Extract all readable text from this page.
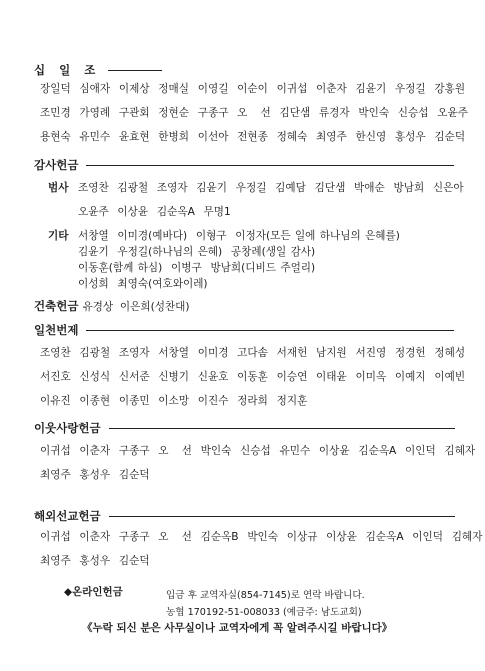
십 일 조
장일덕  심애자  이제상  정매실  이영길  이순이  이귀섭  이춘자  김윤기  우정길  강홍원
조민경  가영례  구관회  정현순  구종구  오   선  김단샘  류경자  박인숙  신승섭  오윤주
용현숙  유민수  윤효현  한병희  이선아  전현종  정혜숙  최영주  한신영  홍성우  김순덕
감사헌금
범사 조영찬  김광철  조영자  김윤기  우정길  김예담  김단샘  박애순  방남희  신은아
오윤주  이상윤  김순옥A  무명1
기타 서창열  이미경(예바다)  이형구  이정자(모든 일에 하나님의 은혜를)
김윤기  우정길(하나님의 은혜)  공창례(생일 감사)
이동훈(함께 하심)  이병구  방남희(디비드 주얼리)
이성희  최영숙(여호와이레)
건축헌금 유경상  이은희(성찬대)
일천번제
조영찬  김광철  조영자  서창열  이미경  고다솜  서재헌  남지원  서진영  정경헌  정혜성
서진호  신성식  신서준  신병기  신윤호  이동훈  이승연  이태윤  이미옥  이예지  이예빈
이유진  이종현  이종민  이소망  이진수  정라희  정지훈
이웃사랑헌금
이귀섭  이춘자  구종구  오   선  박인숙  신승섭  유민수  이상윤  김순옥A  이인덕  김혜자
최영주  홍성우  김순덕
해외선교헌금
이귀섭  이춘자  구종구  오   선  김순옥B  박인숙  이상규  이상윤  김순옥A  이인덕  김혜자
최영주  홍성우  김순덕
◆온라인헌금	입금 후 교역자실(854-7145)로 연락 바랍니다.
농협 170192-51-008033 (예금주: 남도교회)
《누락 되신 분은 사무실이나 교역자에게 꼭 알려주시길 바랍니다》
